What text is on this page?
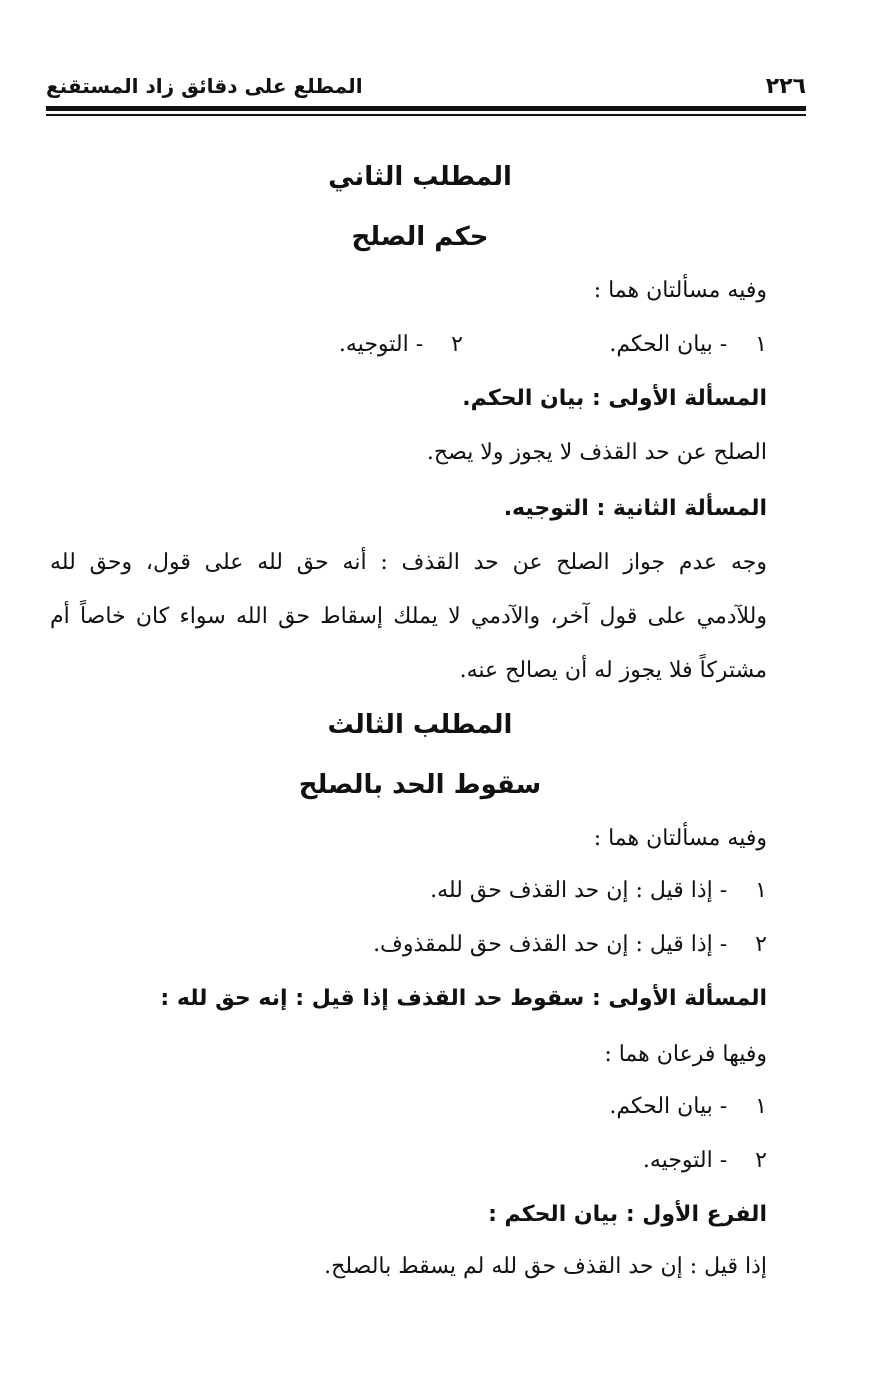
٢٢٦
المطلع على دقائق زاد المستقنع
المطلب الثاني
حكم الصلح
وفيه مسألتان هما :
١- بيان الحكم.
٢- التوجيه.
المسألة الأولى : بيان الحكم.
الصلح عن حد القذف لا يجوز ولا يصح.
المسألة الثانية : التوجيه.
وجه عدم جواز الصلح عن حد القذف : أنه حق لله على قول، وحق لله
وللآدمي على قول آخر، والآدمي لا يملك إسقاط حق الله سواء كان خاصاً أم
مشتركاً فلا يجوز له أن يصالح عنه.
المطلب الثالث
سقوط الحد بالصلح
وفيه مسألتان هما :
١- إذا قيل : إن حد القذف حق لله.
٢- إذا قيل : إن حد القذف حق للمقذوف.
المسألة الأولى : سقوط حد القذف إذا قيل : إنه حق لله :
وفيها فرعان هما :
١- بيان الحكم.
٢- التوجيه.
الفرع الأول : بيان الحكم :
إذا قيل : إن حد القذف حق لله لم يسقط بالصلح.
